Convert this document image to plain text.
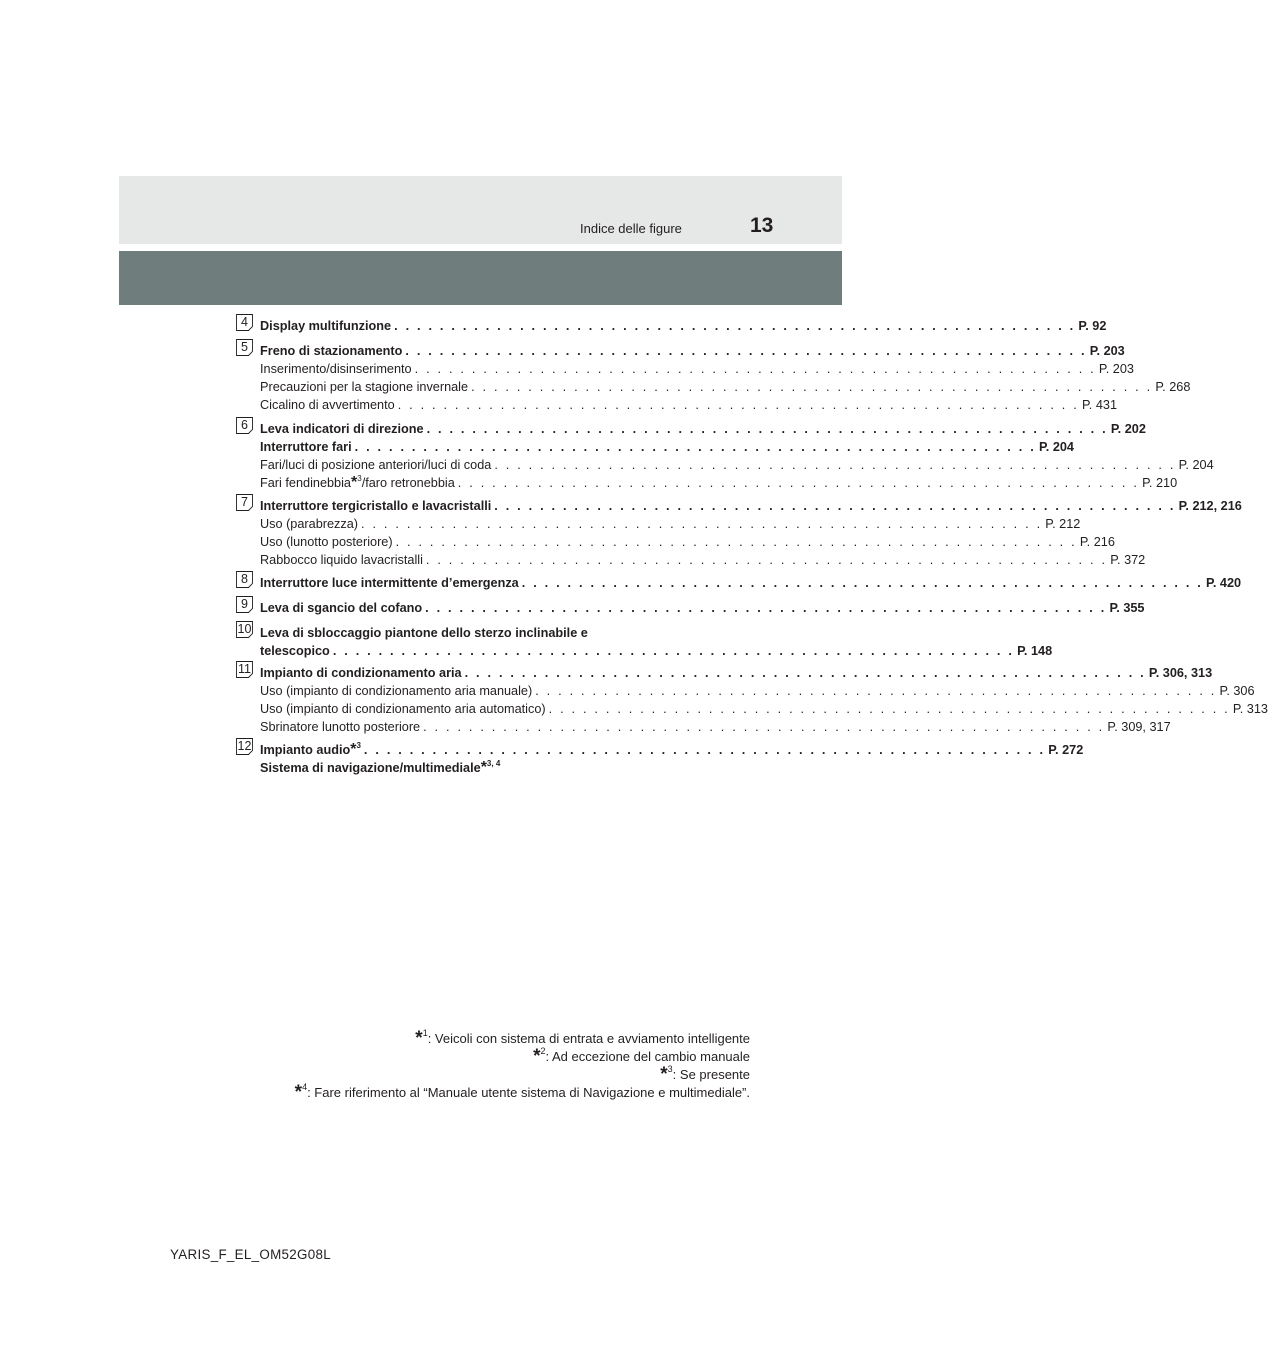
Indice delle figure	13
4 Display multifunzione . . . . . . . . . . . . . . . . . . . . . . . . . . . . . . . . . . . . . . . . . . . . . . . . . . . . . . . . . . . . P. 92
5 Freno di stazionamento . . . . . . . . . . . . . . . . . . . . . . . . . . . . . . . . . . . . . . . . . . . . . . . . . . . . . . . . . . . . P. 203
Inserimento/disinserimento . . . . . . . . . . . . . . . . . . . . . . . . . . . . . . . . . . . . . . . . . . . . . . . . . . . . . . . . . . . . P. 203
Precauzioni per la stagione invernale . . . . . . . . . . . . . . . . . . . . . . . . . . . . . . . . . . . . . . . . . . . . . . . . . . . . . . . . . . . . P. 268
Cicalino di avvertimento . . . . . . . . . . . . . . . . . . . . . . . . . . . . . . . . . . . . . . . . . . . . . . . . . . . . . . . . . . . . P. 431
6 Leva indicatori di direzione . . . . . . . . . . . . . . . . . . . . . . . . . . . . . . . . . . . . . . . . . . . . . . . . . . . . . . . . . . . . P. 202
Interruttore fari . . . . . . . . . . . . . . . . . . . . . . . . . . . . . . . . . . . . . . . . . . . . . . . . . . . . . . . . . . . . P. 204
Fari/luci di posizione anteriori/luci di coda . . . . . . . . . . . . . . . . . . . . . . . . . . . . . . . . . . . . . . . . . . . . . . . . . . . . . . . . . . . . P. 204
Fari fendinebbia*$^3$/faro retronebbia . . . . . . . . . . . . . . . . . . . . . . . . . . . . . . . . . . . . . . . . . . . . . . . . . . . . . . . . . . . . P. 210
7 Interruttore tergicristallo e lavacristalli . . . . . . . . . . . . . . . . . . . . . . . . . . . . . . . . . . . . . . . . . . . . . . . . . . . . . . . . . . . . P. 212, 216
Uso (parabrezza) . . . . . . . . . . . . . . . . . . . . . . . . . . . . . . . . . . . . . . . . . . . . . . . . . . . . . . . . . . . . P. 212
Uso (lunotto posteriore) . . . . . . . . . . . . . . . . . . . . . . . . . . . . . . . . . . . . . . . . . . . . . . . . . . . . . . . . . . . . P. 216
Rabbocco liquido lavacristalli . . . . . . . . . . . . . . . . . . . . . . . . . . . . . . . . . . . . . . . . . . . . . . . . . . . . . . . . . . . . P. 372
8 Interruttore luce intermittente d’emergenza . . . . . . . . . . . . . . . . . . . . . . . . . . . . . . . . . . . . . . . . . . . . . . . . . . . . . . . . . . . . P. 420
9 Leva di sgancio del cofano . . . . . . . . . . . . . . . . . . . . . . . . . . . . . . . . . . . . . . . . . . . . . . . . . . . . . . . . . . . . P. 355
10 Leva di sbloccaggio piantone dello sterzo inclinabile e
telescopico . . . . . . . . . . . . . . . . . . . . . . . . . . . . . . . . . . . . . . . . . . . . . . . . . . . . . . . . . . . . P. 148
11 Impianto di condizionamento aria . . . . . . . . . . . . . . . . . . . . . . . . . . . . . . . . . . . . . . . . . . . . . . . . . . . . . . . . . . . . P. 306, 313
Uso (impianto di condizionamento aria manuale) . . . . . . . . . . . . . . . . . . . . . . . . . . . . . . . . . . . . . . . . . . . . . . . . . . . . . . . . . . . . P. 306
Uso (impianto di condizionamento aria automatico) . . . . . . . . . . . . . . . . . . . . . . . . . . . . . . . . . . . . . . . . . . . . . . . . . . . . . . . . . . . . P. 313
Sbrinatore lunotto posteriore . . . . . . . . . . . . . . . . . . . . . . . . . . . . . . . . . . . . . . . . . . . . . . . . . . . . . . . . . . . . P. 309, 317
12 Impianto audio*$^3$ . . . . . . . . . . . . . . . . . . . . . . . . . . . . . . . . . . . . . . . . . . . . . . . . . . . . . . . . . . . . P. 272
Sistema di navigazione/multimediale*$^{3, 4}$
*$^1$: Veicoli con sistema di entrata e avviamento intelligente
*$^2$: Ad eccezione del cambio manuale
*$^3$: Se presente
*$^4$: Fare riferimento al “Manuale utente sistema di Navigazione e multimediale”.
YARIS_F_EL_OM52G08L
